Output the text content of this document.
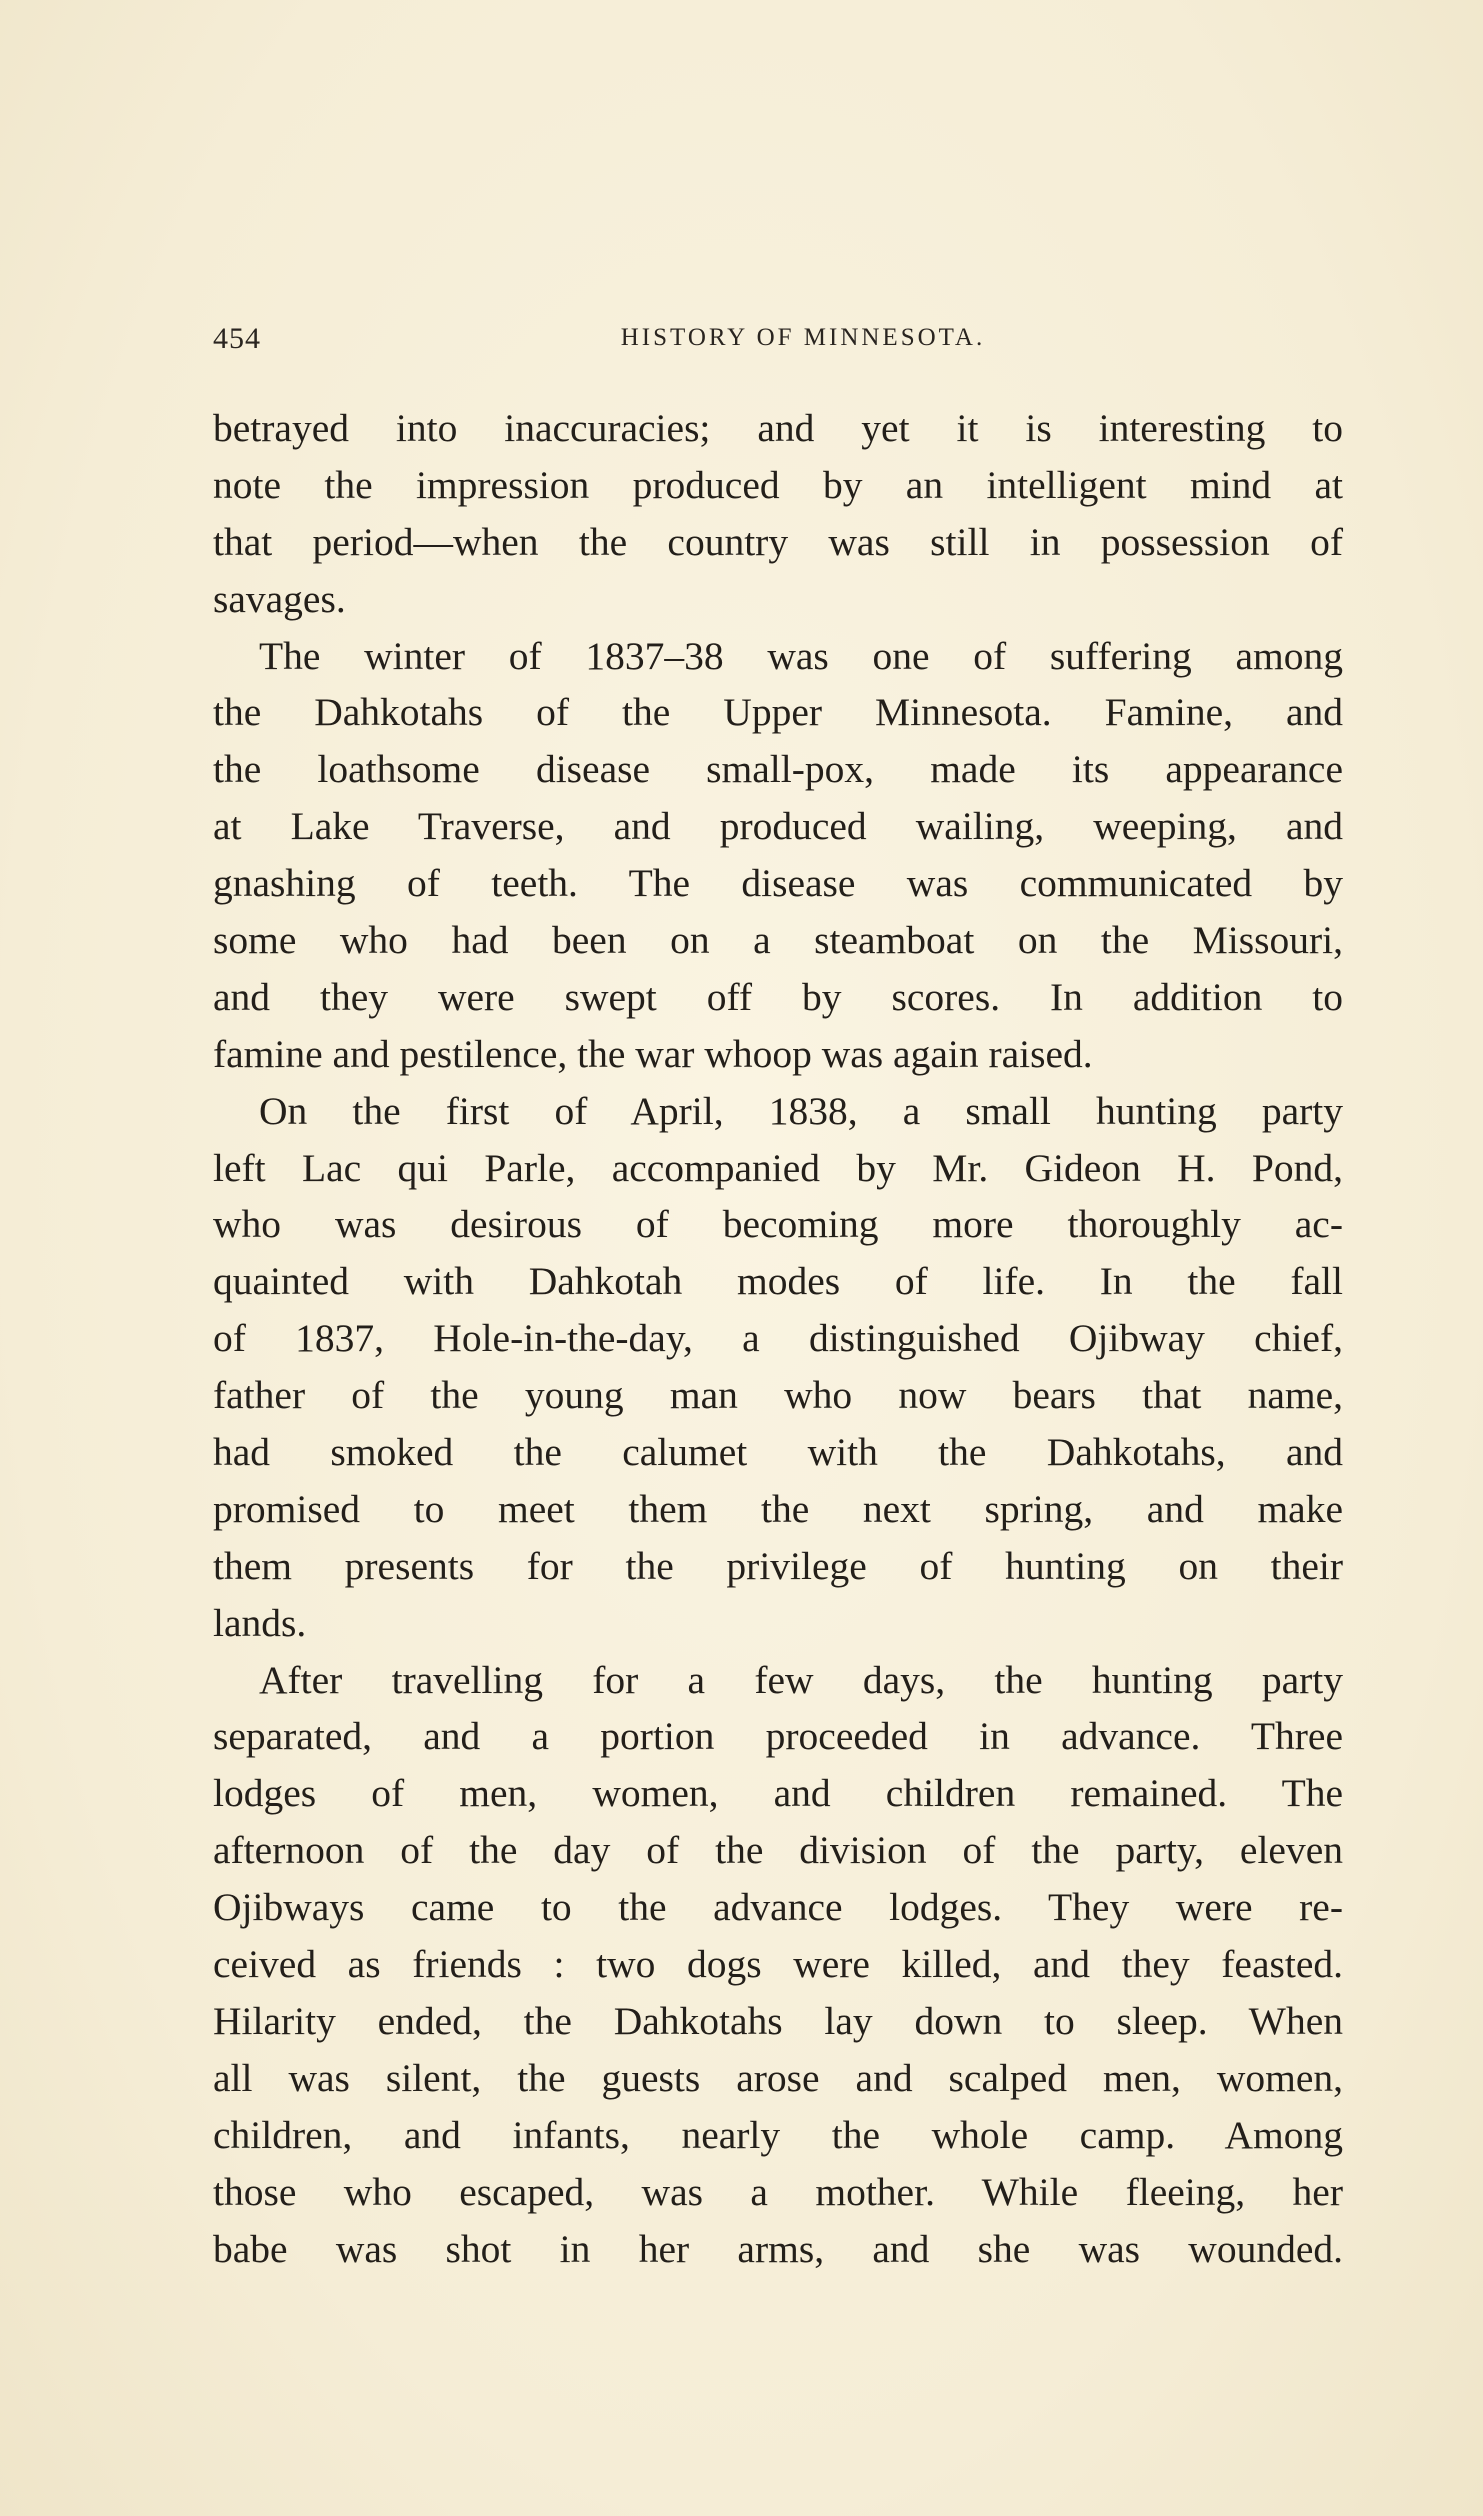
454	HISTORY OF MINNESOTA.
betrayed into inaccuracies; and yet it is interesting to
note the impression produced by an intelligent mind at
that period—when the country was still in possession of
savages.
The winter of 1837–38 was one of suffering among
the Dahkotahs of the Upper Minnesota. Famine, and
the loathsome disease small-pox, made its appearance
at Lake Traverse, and produced wailing, weeping, and
gnashing of teeth. The disease was communicated by
some who had been on a steamboat on the Missouri,
and they were swept off by scores. In addition to
famine and pestilence, the war whoop was again raised.
On the first of April, 1838, a small hunting party
left Lac qui Parle, accompanied by Mr. Gideon H. Pond,
who was desirous of becoming more thoroughly ac-
quainted with Dahkotah modes of life. In the fall
of 1837, Hole-in-the-day, a distinguished Ojibway chief,
father of the young man who now bears that name,
had smoked the calumet with the Dahkotahs, and
promised to meet them the next spring, and make
them presents for the privilege of hunting on their
lands.
After travelling for a few days, the hunting party
separated, and a portion proceeded in advance. Three
lodges of men, women, and children remained. The
afternoon of the day of the division of the party, eleven
Ojibways came to the advance lodges. They were re-
ceived as friends : two dogs were killed, and they feasted.
Hilarity ended, the Dahkotahs lay down to sleep. When
all was silent, the guests arose and scalped men, women,
children, and infants, nearly the whole camp. Among
those who escaped, was a mother. While fleeing, her
babe was shot in her arms, and she was wounded.
